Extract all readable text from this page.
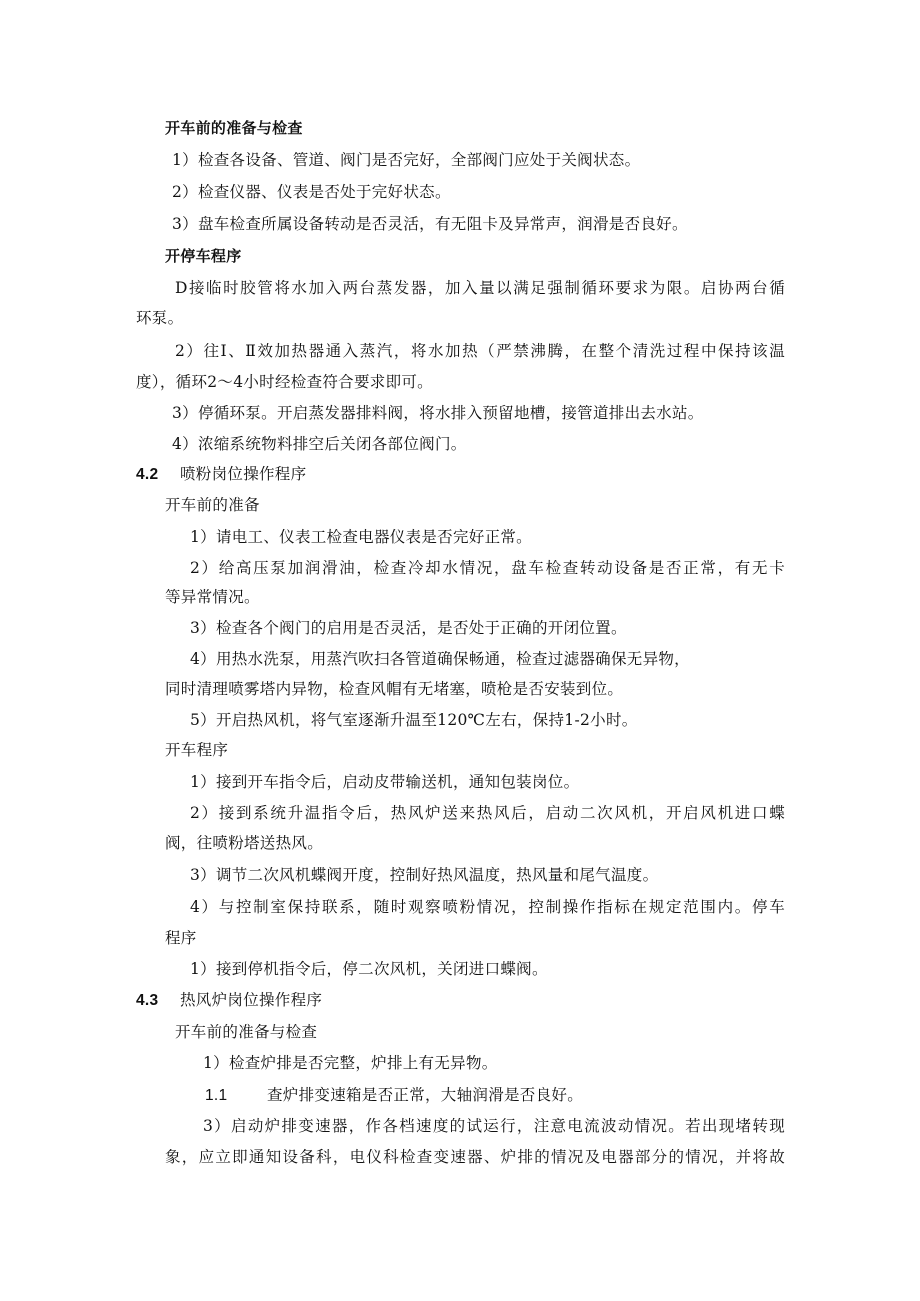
开车前的准备与检查
1）检查各设备、管道、阀门是否完好，全部阀门应处于关阀状态。
2）检查仪器、仪表是否处于完好状态。
3）盘车检查所属设备转动是否灵活，有无阻卡及异常声，润滑是否良好。
开停车程序
D接临时胶管将水加入两台蒸发器，加入量以满足强制循环要求为限。启协两台循
环泵。
2）往Ⅰ、Ⅱ效加热器通入蒸汽，将水加热（严禁沸腾，在整个清洗过程中保持该温
度），循环2～4小时经检查符合要求即可。
3）停循环泵。开启蒸发器排料阀，将水排入预留地槽，接管道排出去水站。
4）浓缩系统物料排空后关闭各部位阀门。
4.2 喷粉岗位操作程序
开车前的准备
1）请电工、仪表工检查电器仪表是否完好正常。
2）给高压泵加润滑油，检查冷却水情况，盘车检查转动设备是否正常，有无卡
等异常情况。
3）检查各个阀门的启用是否灵活，是否处于正确的开闭位置。
4）用热水洗泵，用蒸汽吹扫各管道确保畅通，检查过滤器确保无异物，
同时清理喷雾塔内异物，检查风帽有无堵塞，喷枪是否安装到位。
5）开启热风机，将气室逐渐升温至120℃左右，保持1-2小时。
开车程序
1）接到开车指令后，启动皮带输送机，通知包装岗位。
2）接到系统升温指令后，热风炉送来热风后，启动二次风机，开启风机进口蝶
阀，往喷粉塔送热风。
3）调节二次风机蝶阀开度，控制好热风温度，热风量和尾气温度。
4）与控制室保持联系，随时观察喷粉情况，控制操作指标在规定范围内。停车
程序
1）接到停机指令后，停二次风机，关闭进口蝶阀。
4.3 热风炉岗位操作程序
开车前的准备与检查
1）检查炉排是否完整，炉排上有无异物。
1.1	查炉排变速箱是否正常，大轴润滑是否良好。
3）启动炉排变速器，作各档速度的试运行，注意电流波动情况。若出现堵转现
象，应立即通知设备科，电仪科检查变速器、炉排的情况及电器部分的情况，并将故
